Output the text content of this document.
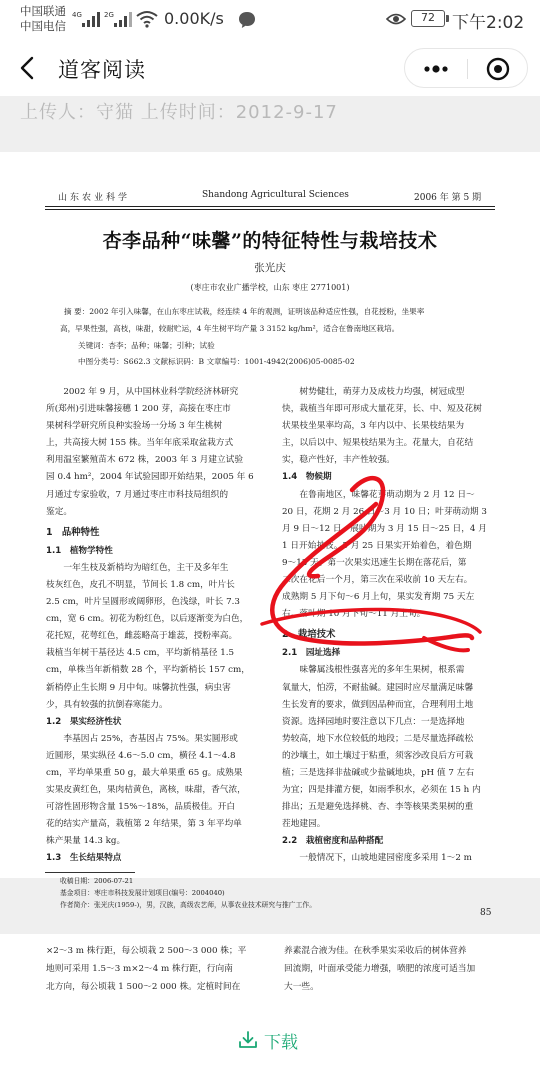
中国联通
中国电信
4G	2G	0.00K/s	72	下午2:02
道客阅读
上传人：守猫 上传时间：2012-9-17
山东农业科学	Shandong Agricultural Sciences	2006 年 第 5 期
杏李品种“味馨”的特征特性与栽培技术
张光庆
(枣庄市农业广播学校，山东 枣庄 2771001)
摘 要：2002 年引入味馨，在山东枣庄试栽，经连续 4 年的观测，证明该品种适应性强，自花授粉，坐果率
高，早果性强，高枝，味甜，较耐贮运，4 年生树平均产量 3 3152 kg/hm²，适合在鲁南地区栽培。
关键词：杏李；品种；味馨；引种；试验
中图分类号：S662.3 文献标识码：B 文章编号：1001-4942(2006)05-0085-02
　　2002 年 9 月，从中国林业科学院经济林研究
所(郑州)引进味馨接穗 1 200 芽，高接在枣庄市
果树科学研究所良种实验场一分场 3 年生桃树
上，共高接大树 155 株。当年年底采取盆栽方式
利用温室繁殖苗木 672 株，2003 年 3 月建立试验
园 0.4 hm²，2004 年试验园即开始结果，2005 年 6
月通过专家验收，7 月通过枣庄市科技局组织的
鉴定。
1　品种特性
1.1　植物学特性
　　一年生枝及新梢均为暗红色，主干及多年生
枝灰红色，皮孔不明显，节间长 1.8 cm，叶片长
2.5 cm，叶片呈圆形或阔卵形，色浅绿，叶长 7.3
cm，宽 6 cm。初花为粉红色，以后逐渐变为白色，
花托短，花萼红色，雌蕊略高于雄蕊，授粉率高。
栽植当年树干基径达 4.5 cm，平均新梢基径 1.5
cm，单株当年新梢数 28 个，平均新梢长 157 cm，
新梢停止生长期 9 月中旬。味馨抗性强，病虫害
少，具有较强的抗倒春寒能力。
1.2　果实经济性状
　　李基因占 25%，杏基因占 75%。果实圆形或
近圆形，果实纵径 4.6～5.0 cm，横径 4.1～4.8
cm，平均单果重 50 g，最大单果重 65 g。成熟果
实果皮黄红色，果肉桔黄色，离核，味甜，香气浓，
可溶性固形物含量 15%～18%，品质极佳。开白
花的结实产量高，栽植第 2 年结果，第 3 年平均单
株产果量 14.3 kg。
1.3　生长结果特点
　　树势健壮，萌芽力及成枝力均强，树冠成型
快，栽植当年即可形成大量花芽，长、中、短及花树
状果枝坐果率均高，3 年内以中、长果枝结果为
主，以后以中、短果枝结果为主。花量大，自花结
实，稳产性好，丰产性较强。
1.4　物候期
　　在鲁南地区，味馨花芽萌动期为 2 月 12 日～
20 日，花期 2 月 26 日～3 月 10 日；叶芽萌动期 3
月 9 日～12 日，展叶期为 3 月 15 日～25 日，4 月
1 日开始抽枝。5 月 25 日果实开始着色，着色期
9～13 天。第一次果实迅速生长期在落花后，第
二次在花后一个月，第三次在采收前 10 天左右。
成熟期 5 月下旬～6 月上旬，果实发育期 75 天左
右。落叶期 10 月下旬～11 月上旬。
2　栽培技术
2.1　园址选择
　　味馨属浅根性强喜光的多年生果树，根系需
氧量大，怕涝，不耐盐碱。建园时应尽量满足味馨
生长发育的要求，做到因品种而宜，合理利用土地
资源。选择园地时要注意以下几点：一是选择地
势较高，地下水位较低的地段；二是尽量选择疏松
的沙壤土，如土壤过于粘重，须客沙改良后方可栽
植；三是选择非盐碱或少盐碱地块，pH 值 7 左右
为宜；四是排灌方便，如雨季积水，必须在 15 h 内
排出；五是避免选择桃、杏、李等核果类果树的重
茬地建园。
2.2　栽植密度和品种搭配
　　一般情况下，山坡地建园密度多采用 1～2 m
收稿日期：2006-07-21
基金项目：枣庄市科技发展计划项目(编号：2004040)
作者简介：张光庆(1959-)，男，汉族，高级农艺师，从事农业技术研究与推广工作。
85
×2～3 m 株行距，每公顷栽 2 500～3 000 株；平
地则可采用 1.5～3 m×2～4 m 株行距，行向南
北方向，每公顷栽 1 500～2 000 株。定植时间在
养素混合液为佳。在秋季果实采收后的树体营养
回流期，叶面承受能力增强，喷肥的浓度可适当加
大一些。
下载
